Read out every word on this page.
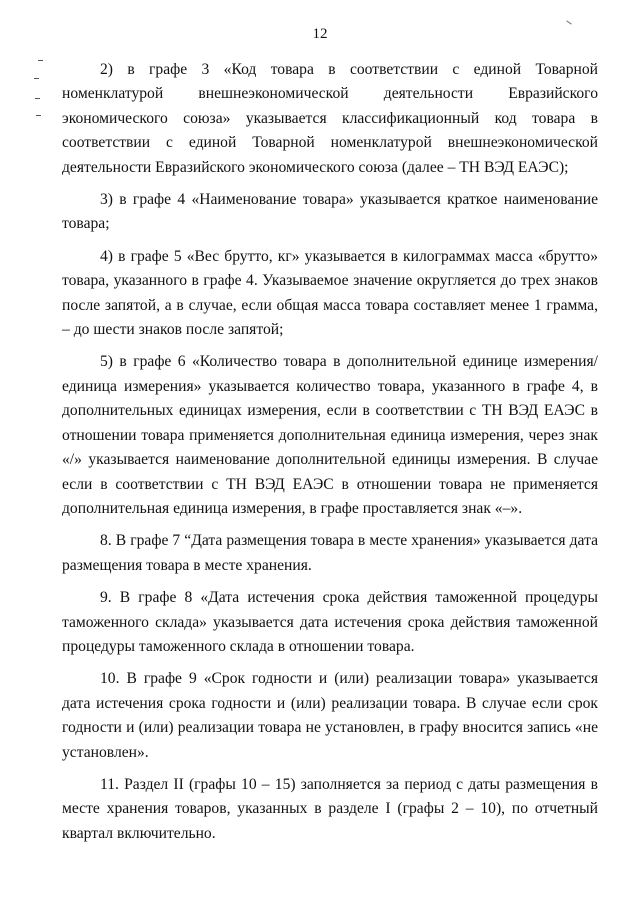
12

2) в графе 3 «Код товара в соответствии с единой Товарной номенклатурой внешнеэкономической деятельности Евразийского экономического союза» указывается классификационный код товара в соответствии с единой Товарной номенклатурой внешнеэкономической деятельности Евразийского экономического союза (далее – ТН ВЭД ЕАЭС);

3) в графе 4 «Наименование товара» указывается краткое наименование товара;

4) в графе 5 «Вес брутто, кг» указывается в килограммах масса «брутто» товара, указанного в графе 4. Указываемое значение округляется до трех знаков после запятой, а в случае, если общая масса товара составляет менее 1 грамма, – до шести знаков после запятой;

5) в графе 6 «Количество товара в дополнительной единице измерения/единица измерения» указывается количество товара, указанного в графе 4, в дополнительных единицах измерения, если в соответствии с ТН ВЭД ЕАЭС в отношении товара применяется дополнительная единица измерения, через знак «/» указывается наименование дополнительной единицы измерения. В случае если в соответствии с ТН ВЭД ЕАЭС в отношении товара не применяется дополнительная единица измерения, в графе проставляется знак «–».

8. В графе 7 “Дата размещения товара в месте хранения» указывается дата размещения товара в месте хранения.

9. В графе 8 «Дата истечения срока действия таможенной процедуры таможенного склада» указывается дата истечения срока действия таможенной процедуры таможенного склада в отношении товара.

10. В графе 9 «Срок годности и (или) реализации товара» указывается дата истечения срока годности и (или) реализации товара. В случае если срок годности и (или) реализации товара не установлен, в графу вносится запись «не установлен».

11. Раздел II (графы 10 – 15) заполняется за период с даты размещения в месте хранения товаров, указанных в разделе I (графы 2 – 10), по отчетный квартал включительно.
